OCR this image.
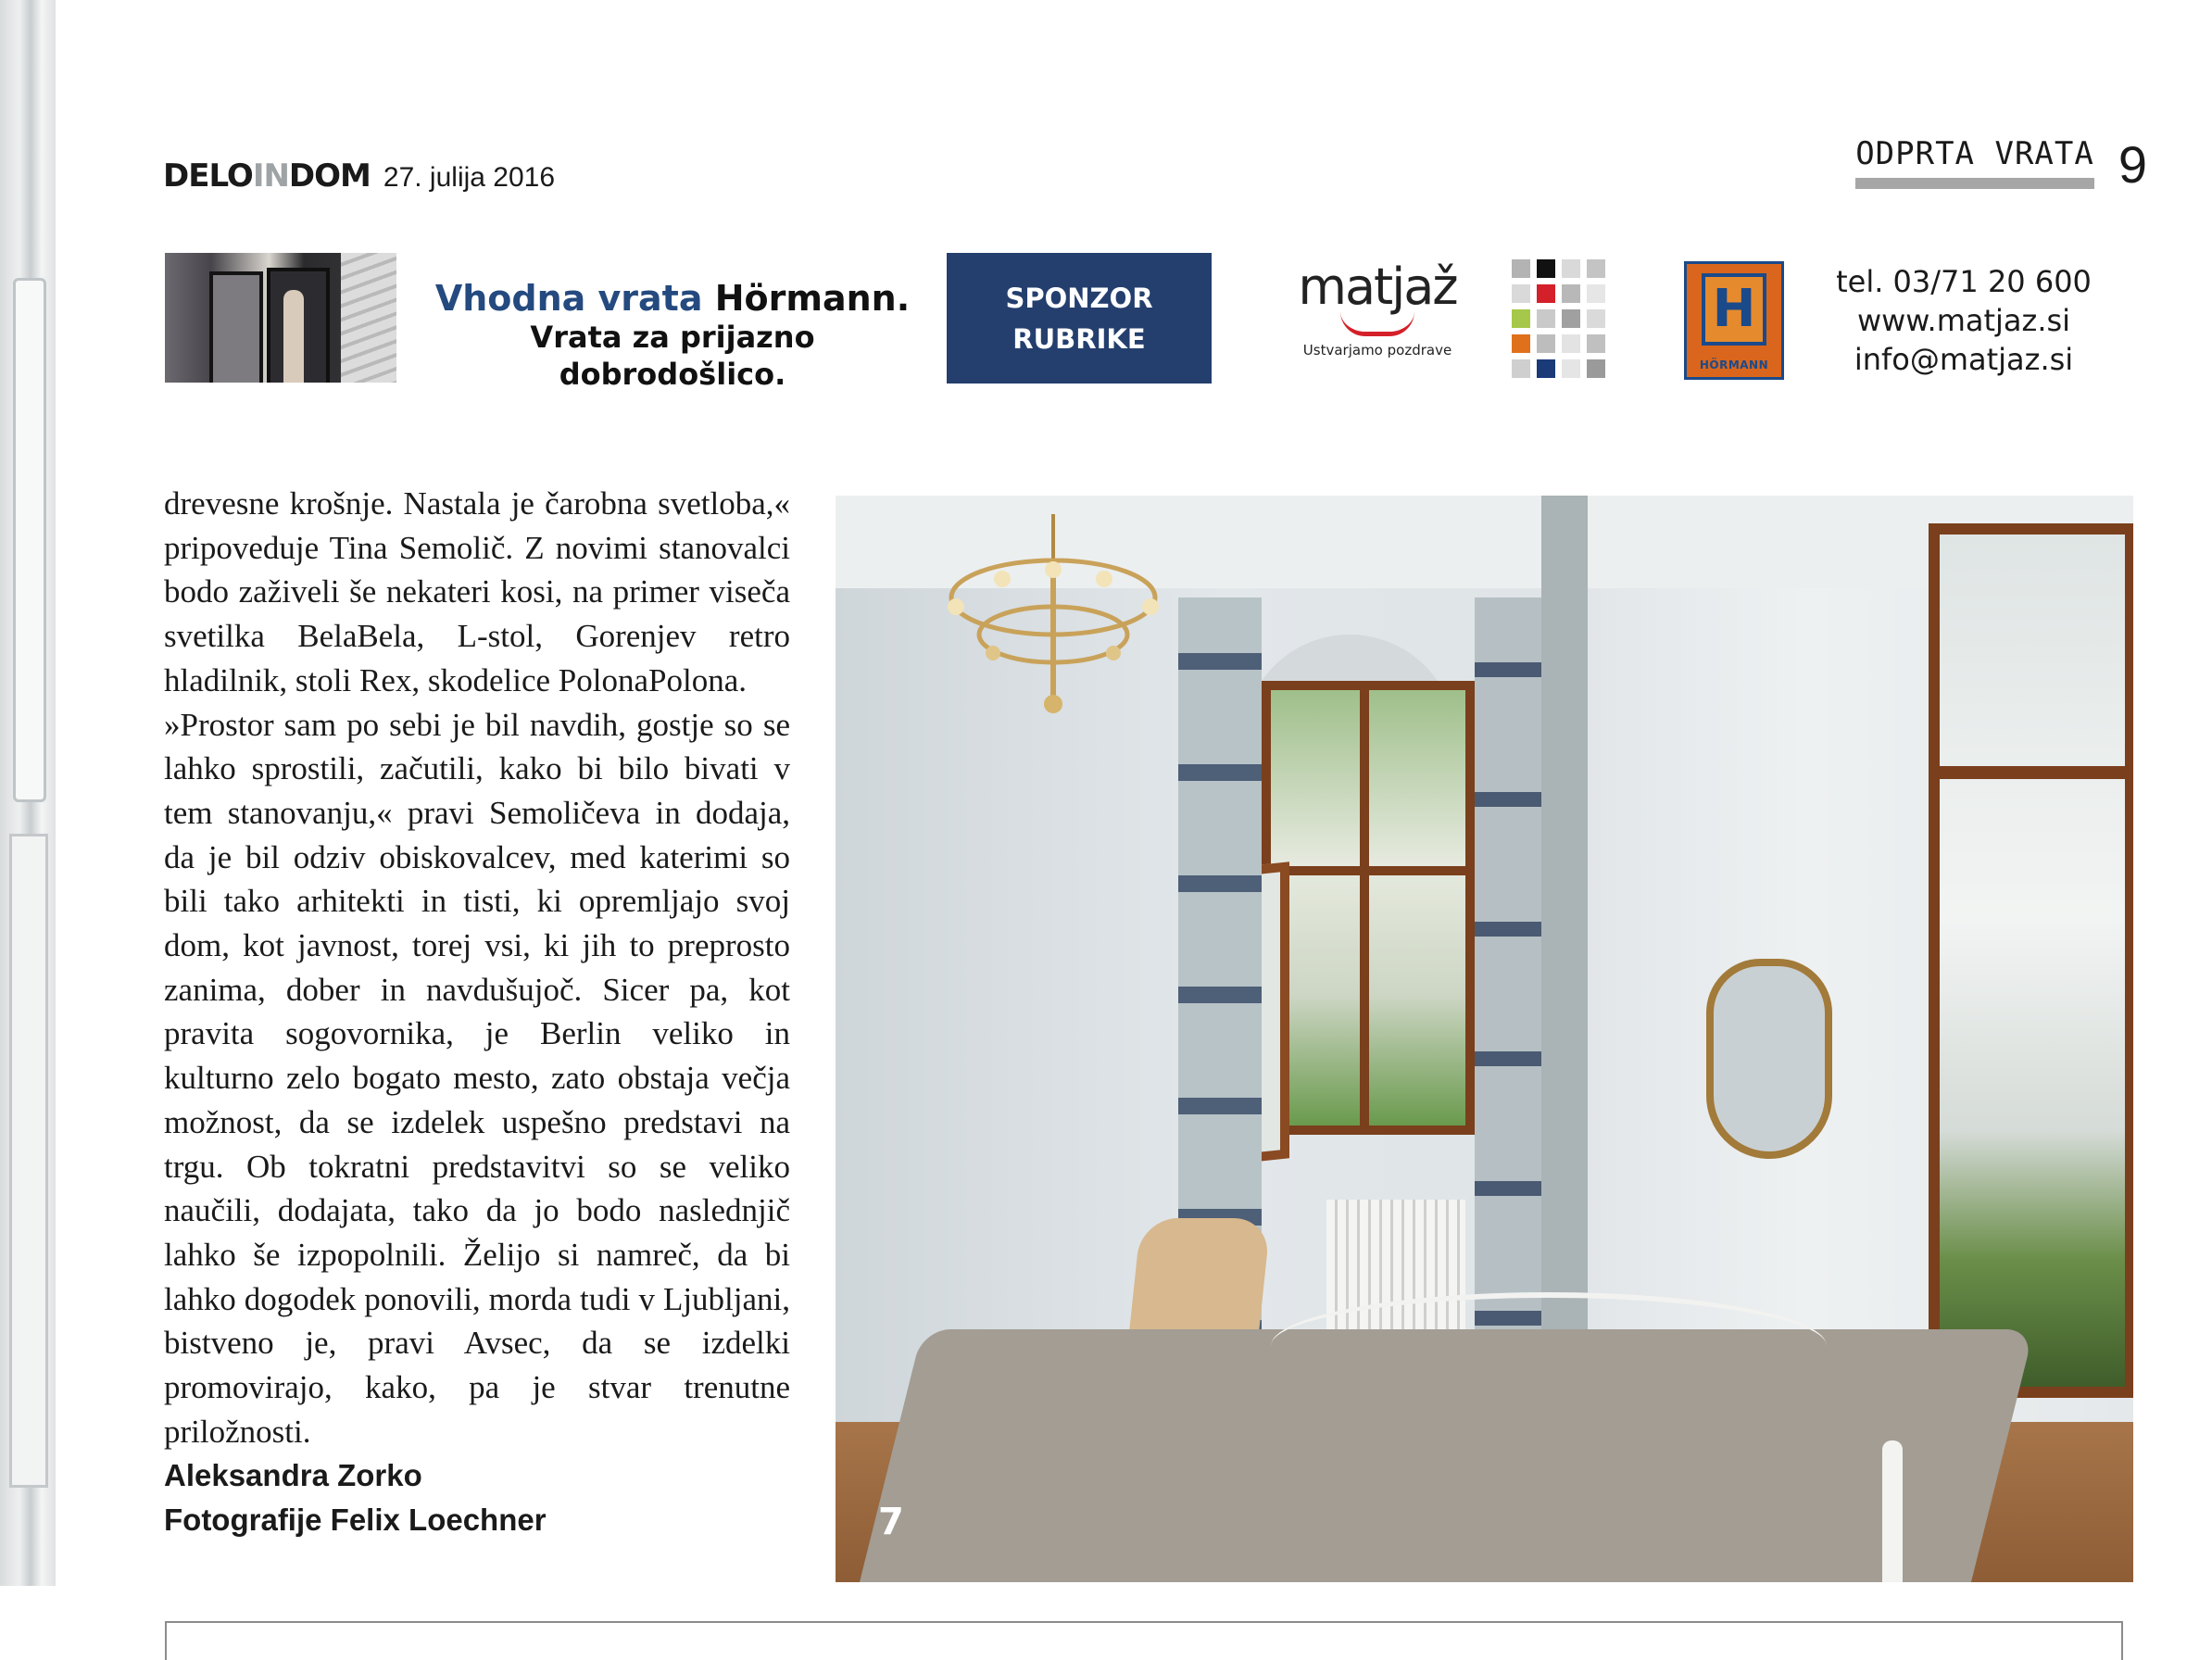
DELOINDOM 27. julija 2016
ODPRTA VRATA 9
Vhodna vrata Hörmann.
Vrata za prijazno dobrodošlico.
SPONZOR
RUBRIKE
matjaž
Ustvarjamo pozdrave
H
HÖRMANN
tel. 03/71 20 600
www.matjaz.si
info@matjaz.si

drevesne krošnje. Nastala je čarobna svetloba,« pripoveduje Tina Semolič. Z novimi stanovalci bodo zaživeli še nekateri kosi, na primer viseča svetilka BelaBela, L-stol, Gorenjev retro hladilnik, stoli Rex, skodelice PolonaPolona.

»Prostor sam po sebi je bil navdih, gostje so se lahko sprostili, začutili, kako bi bilo bivati v tem stanovanju,« pravi Semoličeva in dodaja, da je bil odziv obiskovalcev, med katerimi so bili tako arhitekti in tisti, ki opremljajo svoj dom, kot javnost, torej vsi, ki jih to preprosto zanima, dober in navdušujoč. Sicer pa, kot pravita sogovornika, je Berlin veliko in kulturno zelo bogato mesto, zato obstaja večja možnost, da se izdelek uspešno predstavi na trgu. Ob tokratni predstavitvi so se veliko naučili, dodajata, tako da jo bodo naslednjič lahko še izpopolnili. Želijo si namreč, da bi lahko dogodek ponovili, morda tudi v Ljubljani, bistveno je, pravi Avsec, da se izdelki promovirajo, kako, pa je stvar trenutne priložnosti.

Aleksandra Zorko
Fotografije Felix Loechner	7
